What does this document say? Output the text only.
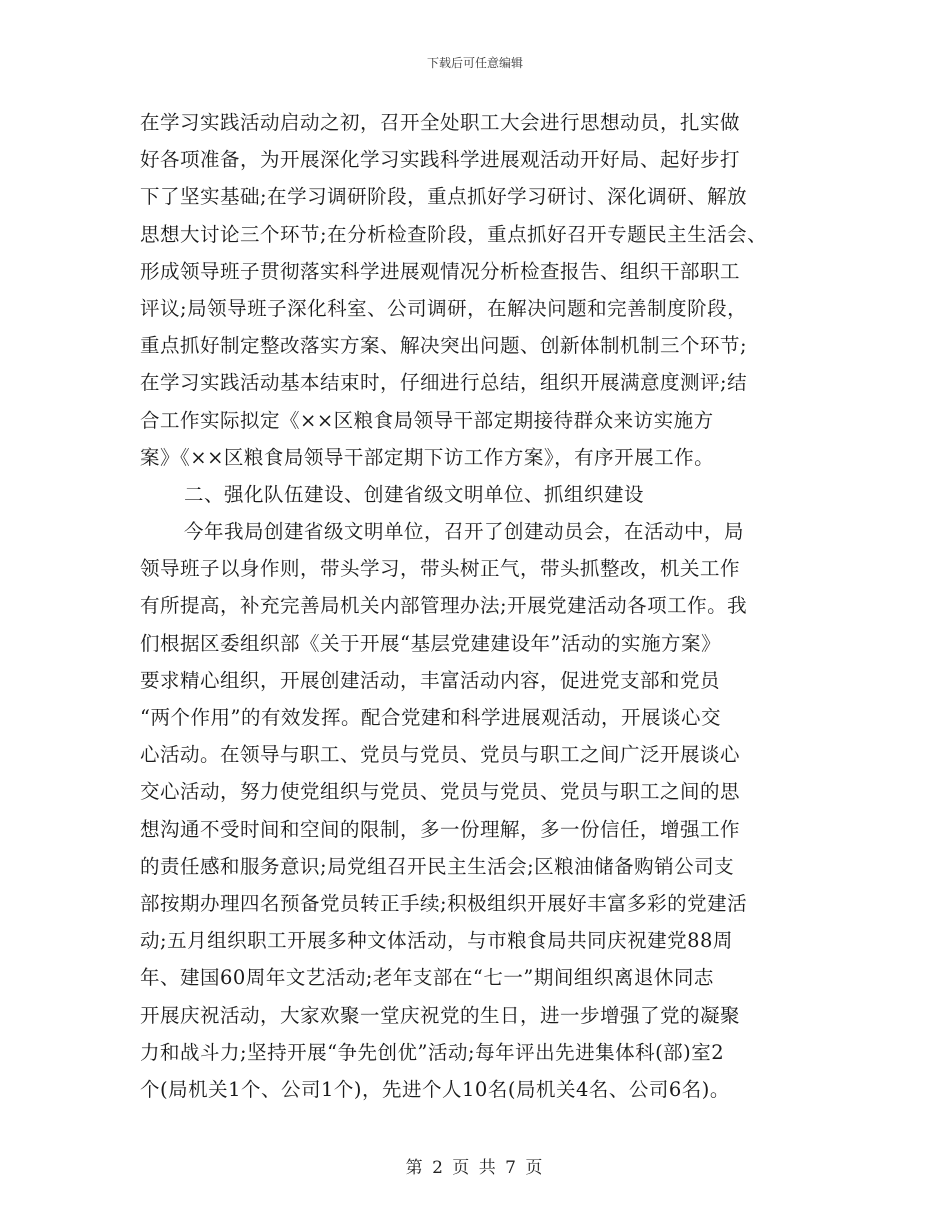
下载后可任意编辑
在学习实践活动启动之初，召开全处职工大会进行思想动员，扎实做
好各项准备，为开展深化学习实践科学进展观活动开好局、起好步打
下了坚实基础;在学习调研阶段，重点抓好学习研讨、深化调研、解放
思想大讨论三个环节;在分析检查阶段，重点抓好召开专题民主生活会、
形成领导班子贯彻落实科学进展观情况分析检查报告、组织干部职工
评议;局领导班子深化科室、公司调研，在解决问题和完善制度阶段，
重点抓好制定整改落实方案、解决突出问题、创新体制机制三个环节;
在学习实践活动基本结束时，仔细进行总结，组织开展满意度测评;结
合工作实际拟定《××区粮食局领导干部定期接待群众来访实施方
案》《××区粮食局领导干部定期下访工作方案》，有序开展工作。
二、强化队伍建设、创建省级文明单位、抓组织建设
今年我局创建省级文明单位，召开了创建动员会，在活动中，局
领导班子以身作则，带头学习，带头树正气，带头抓整改，机关工作
有所提高，补充完善局机关内部管理办法;开展党建活动各项工作。我
们根据区委组织部《关于开展“基层党建建设年”活动的实施方案》
要求精心组织，开展创建活动，丰富活动内容，促进党支部和党员
“两个作用”的有效发挥。配合党建和科学进展观活动，开展谈心交
心活动。在领导与职工、党员与党员、党员与职工之间广泛开展谈心
交心活动，努力使党组织与党员、党员与党员、党员与职工之间的思
想沟通不受时间和空间的限制，多一份理解，多一份信任，增强工作
的责任感和服务意识;局党组召开民主生活会;区粮油储备购销公司支
部按期办理四名预备党员转正手续;积极组织开展好丰富多彩的党建活
动;五月组织职工开展多种文体活动，与市粮食局共同庆祝建党88周
年、建国60周年文艺活动;老年支部在“七一”期间组织离退休同志
开展庆祝活动，大家欢聚一堂庆祝党的生日，进一步增强了党的凝聚
力和战斗力;坚持开展“争先创优”活动;每年评出先进集体科(部)室2
个(局机关1个、公司1个)，先进个人10名(局机关4名、公司6名)。
第 2 页 共 7 页
